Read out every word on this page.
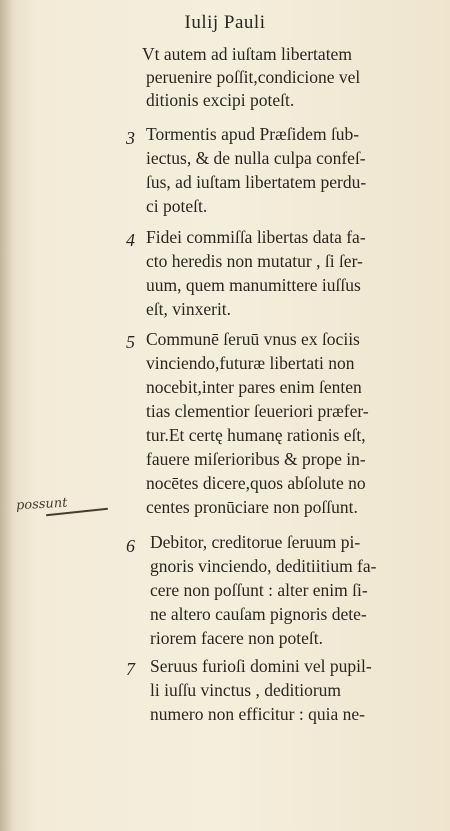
Iulij Pauli
3
4
5
6
7
Vt autem ad iuſtam libertatem
peruenire poſſit,condicione vel
ditionis excipi poteſt.
Tormentis apud Præſidem ſub-
iectus, & de nulla culpa confeſ-
ſus, ad iuſtam libertatem perdu-
ci poteſt.
Fidei commiſſa libertas data fa-
cto heredis non mutatur , ſi ſer-
uum, quem manumittere iuſſus
eſt, vinxerit.
Communē ſeruū vnus ex ſociis
vinciendo,futuræ libertati non
nocebit,inter pares enim ſenten
tias clementior ſeueriori præfer-
tur.Et certę humanę rationis eſt,
fauere miſerioribus & prope in-
nocētes dicere,quos abſolute no
centes pronūciare non poſſunt.
Debitor, creditorue ſeruum pi-
gnoris vinciendo, deditiitium fa-
cere non poſſunt : alter enim ſi-
ne altero cauſam pignoris dete-
riorem facere non poteſt.
Seruus furioſi domini vel pupil-
li iuſſu vinctus , deditiorum
numero non efficitur : quia ne-
possunt
